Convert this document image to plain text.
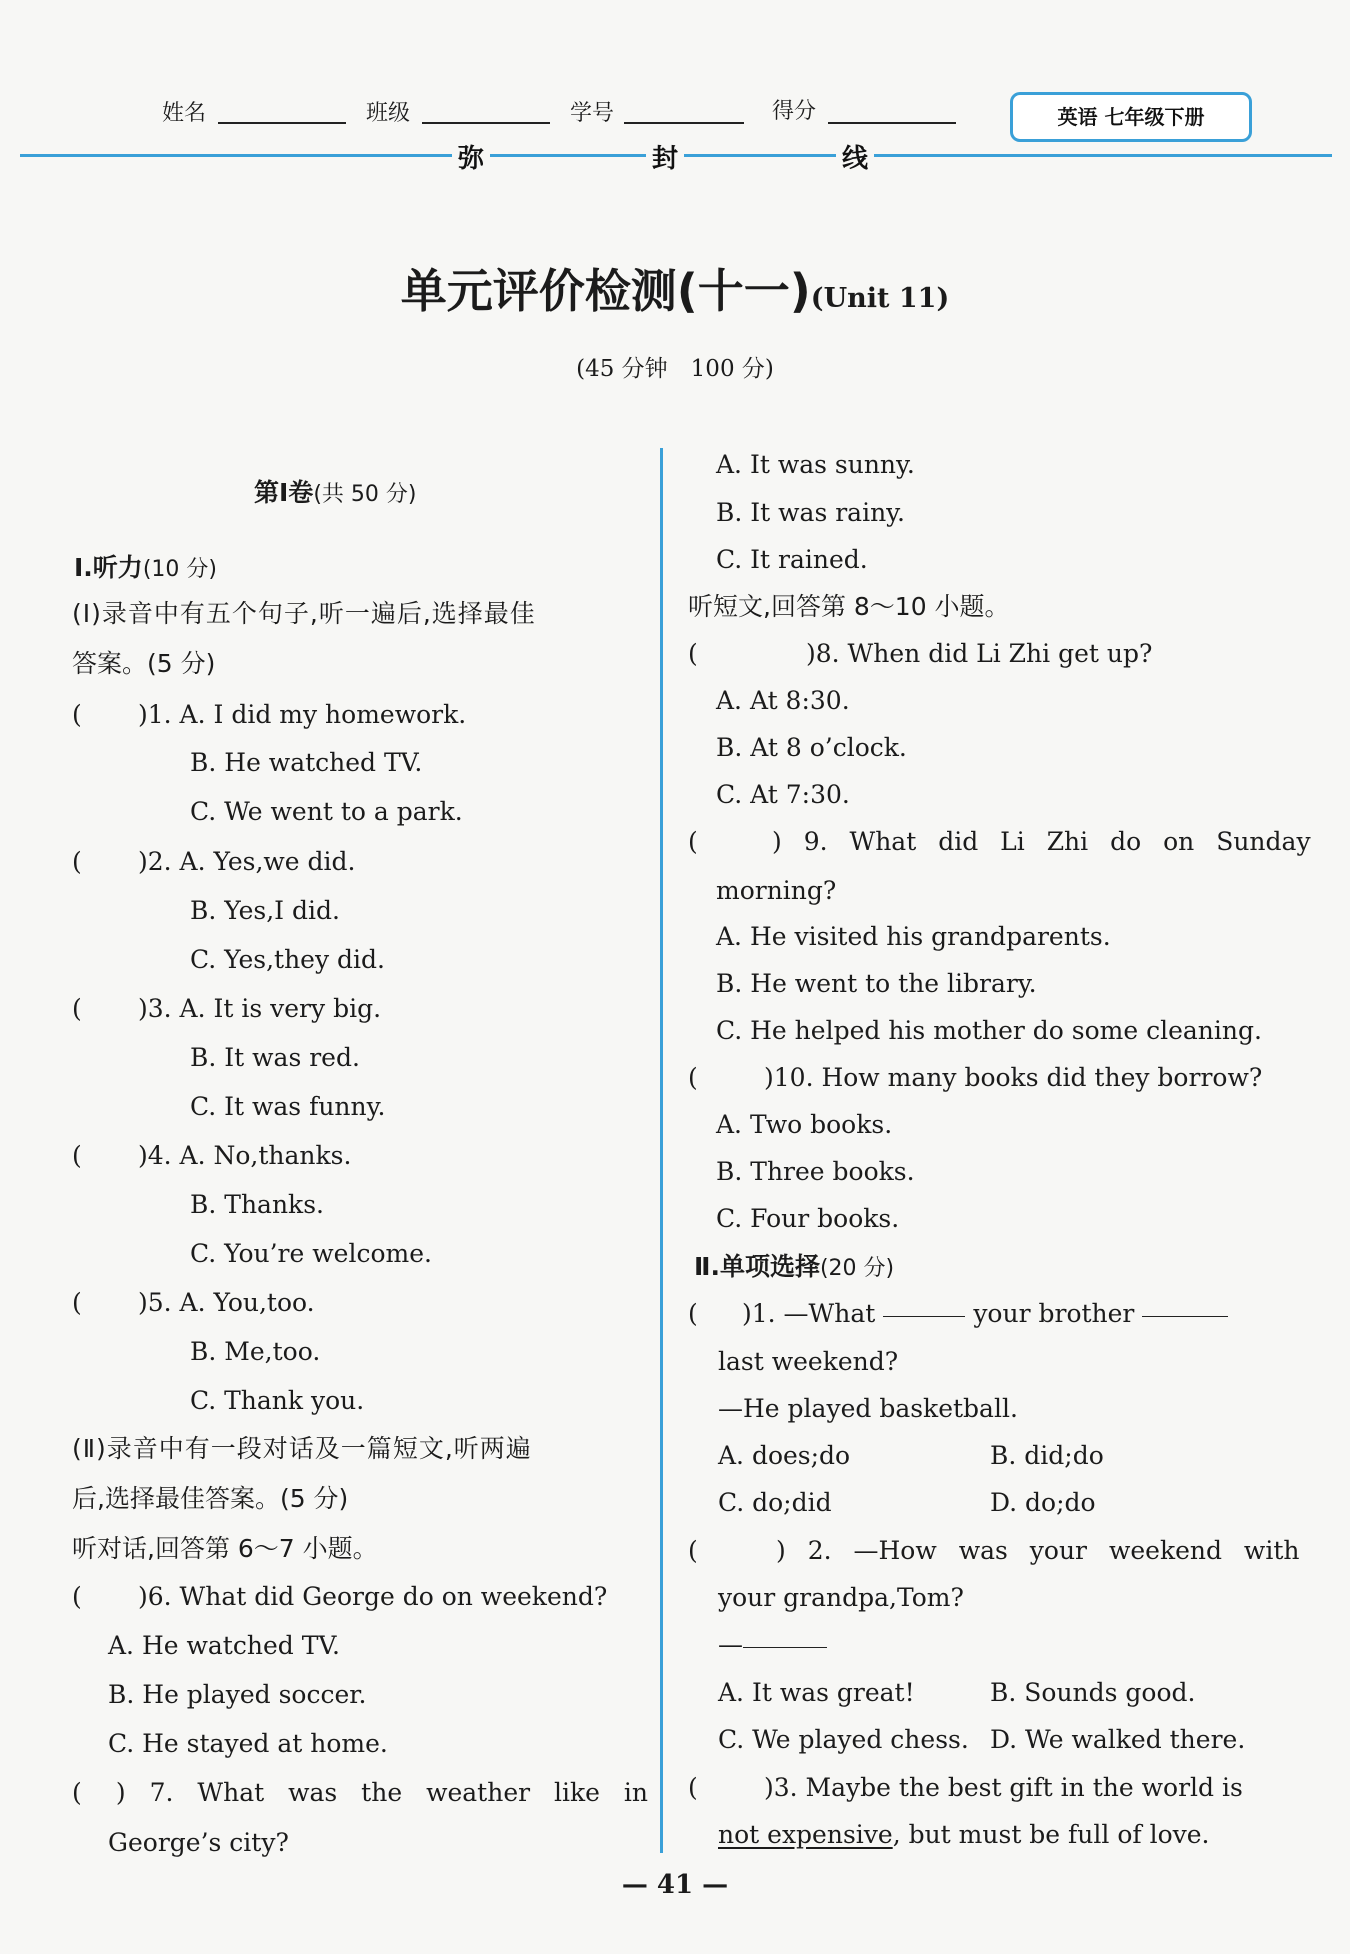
姓名	班级	学号	得分	英语 七年级下册
弥	封	线
单元评价检测(十一)(Unit 11)
(45 分钟　100 分)
第Ⅰ卷(共 50 分)
Ⅰ.听力(10 分)
(Ⅰ)录音中有五个句子,听一遍后,选择最佳
答案。(5 分)
( )1. A. I did my homework.
B. He watched TV.
C. We went to a park.
( )2. A. Yes,we did.
B. Yes,I did.
C. Yes,they did.
( )3. A. It is very big.
B. It was red.
C. It was funny.
( )4. A. No,thanks.
B. Thanks.
C. You’re welcome.
( )5. A. You,too.
B. Me,too.
C. Thank you.
(Ⅱ)录音中有一段对话及一篇短文,听两遍
后,选择最佳答案。(5 分)
听对话,回答第 6～7 小题。
( )6. What did George do on weekend?
A. He watched TV.
B. He played soccer.
C. He stayed at home.
(	) 7. What was the weather like in
George’s city?
A. It was sunny.
B. It was rainy.
C. It rained.
听短文,回答第 8～10 小题。
(	)8. When did Li Zhi get up?
A. At 8:30.
B. At 8 o’clock.
C. At 7:30.
(	) 9. What did Li Zhi do on Sunday
morning?
A. He visited his grandparents.
B. He went to the library.
C. He helped his mother do some cleaning.
(	)10. How many books did they borrow?
A. Two books.
B. Three books.
C. Four books.
Ⅱ.单项选择(20 分)
( )1. —What	your brother
last weekend?
—He played basketball.
A. does;do	B. did;do
C. do;did	D. do;do
(	) 2. —How was your weekend with
your grandpa,Tom?
—
A. It was great!	B. Sounds good.
C. We played chess. D. We walked there.
(	)3. Maybe the best gift in the world is
not expensive, but must be full of love.
— 41 —
